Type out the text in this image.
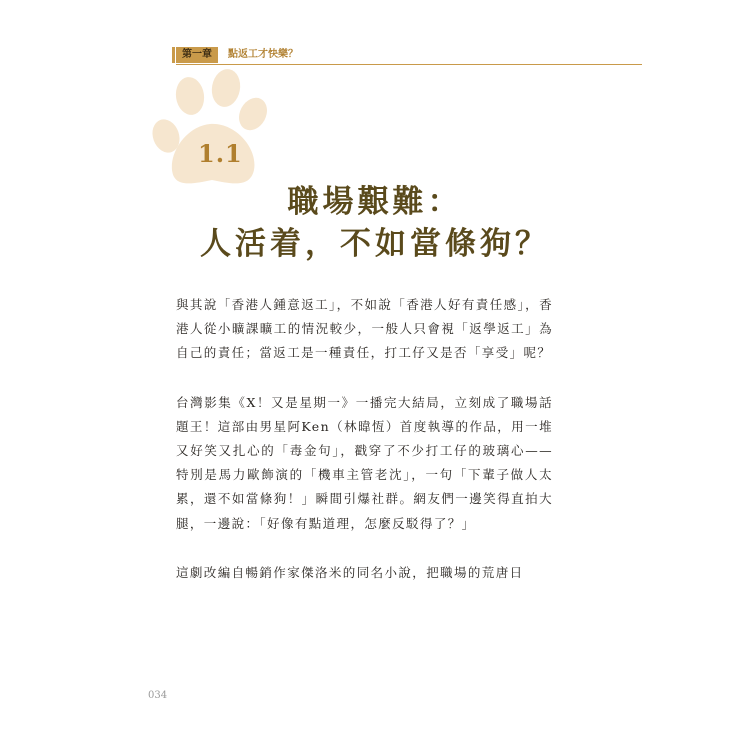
第一章	點返工才快樂？
1.1
職場艱難：
人活着，不如當條狗？

與其說「香港人鍾意返工」，不如說「香港人好有責任感」，香港人從小曠課曠工的情況較少，一般人只會視「返學返工」為自己的責任；當返工是一種責任，打工仔又是否「享受」呢？

台灣影集《X！又是星期一》一播完大結局，立刻成了職場話題王！這部由男星阿Ken（林暐恆）首度執導的作品，用一堆又好笑又扎心的「毒金句」，戳穿了不少打工仔的玻璃心——特別是馬力歐飾演的「機車主管老沈」，一句「下輩子做人太累，還不如當條狗！」瞬間引爆社群。網友們一邊笑得直拍大腿，一邊說：「好像有點道理，怎麼反駁得了？」

這劇改編自暢銷作家傑洛米的同名小說，把職場的荒唐日

034
